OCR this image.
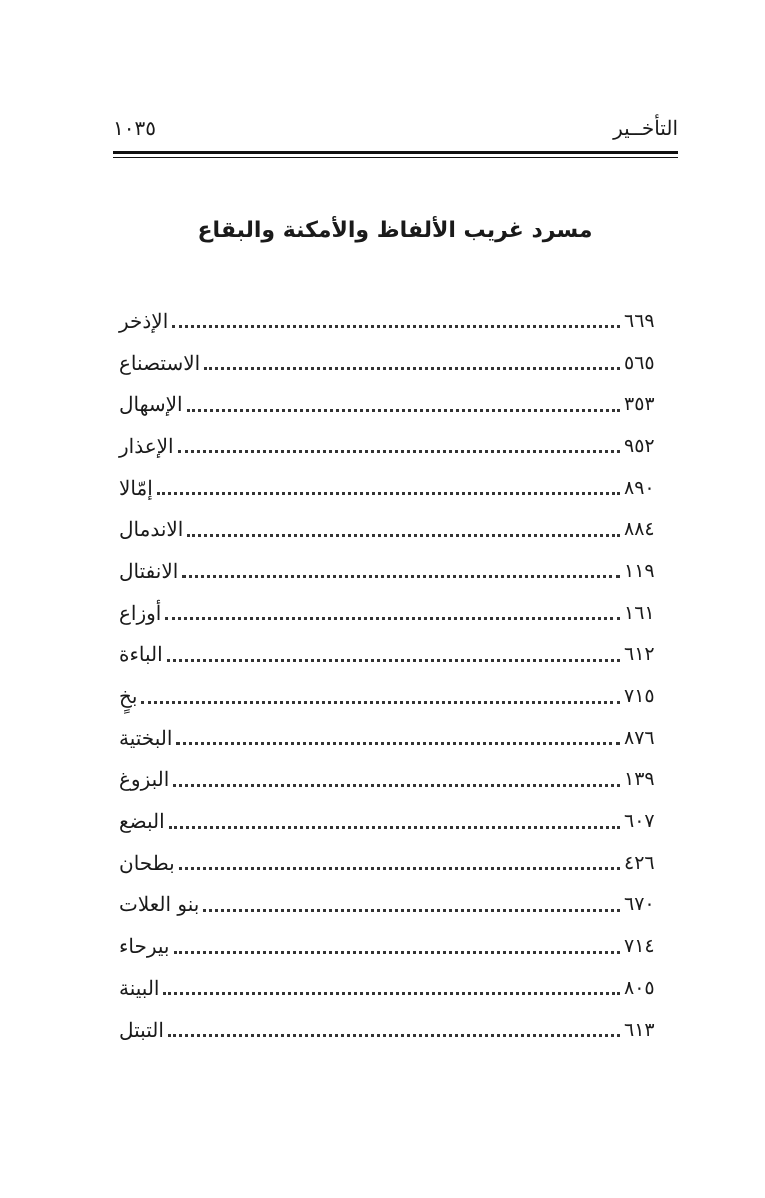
التأخــير
١٠٣٥
مسرد غريب الألفاظ والأمكنة والبقاع
الإذخر	٦٦٩
الاستصناع	٥٦٥
الإسهال	٣٥٣
الإعذار	٩٥٢
إمّالا	٨٩٠
الاندمال	٨٨٤
الانفتال	١١٩
أوزاع	١٦١
الباءة	٦١٢
بخٍ	٧١٥
البختية	٨٧٦
البزوغ	١٣٩
البضع	٦٠٧
بطحان	٤٢٦
بنو العلات	٦٧٠
بيرحاء	٧١٤
البينة	٨٠٥
التبتل	٦١٣
